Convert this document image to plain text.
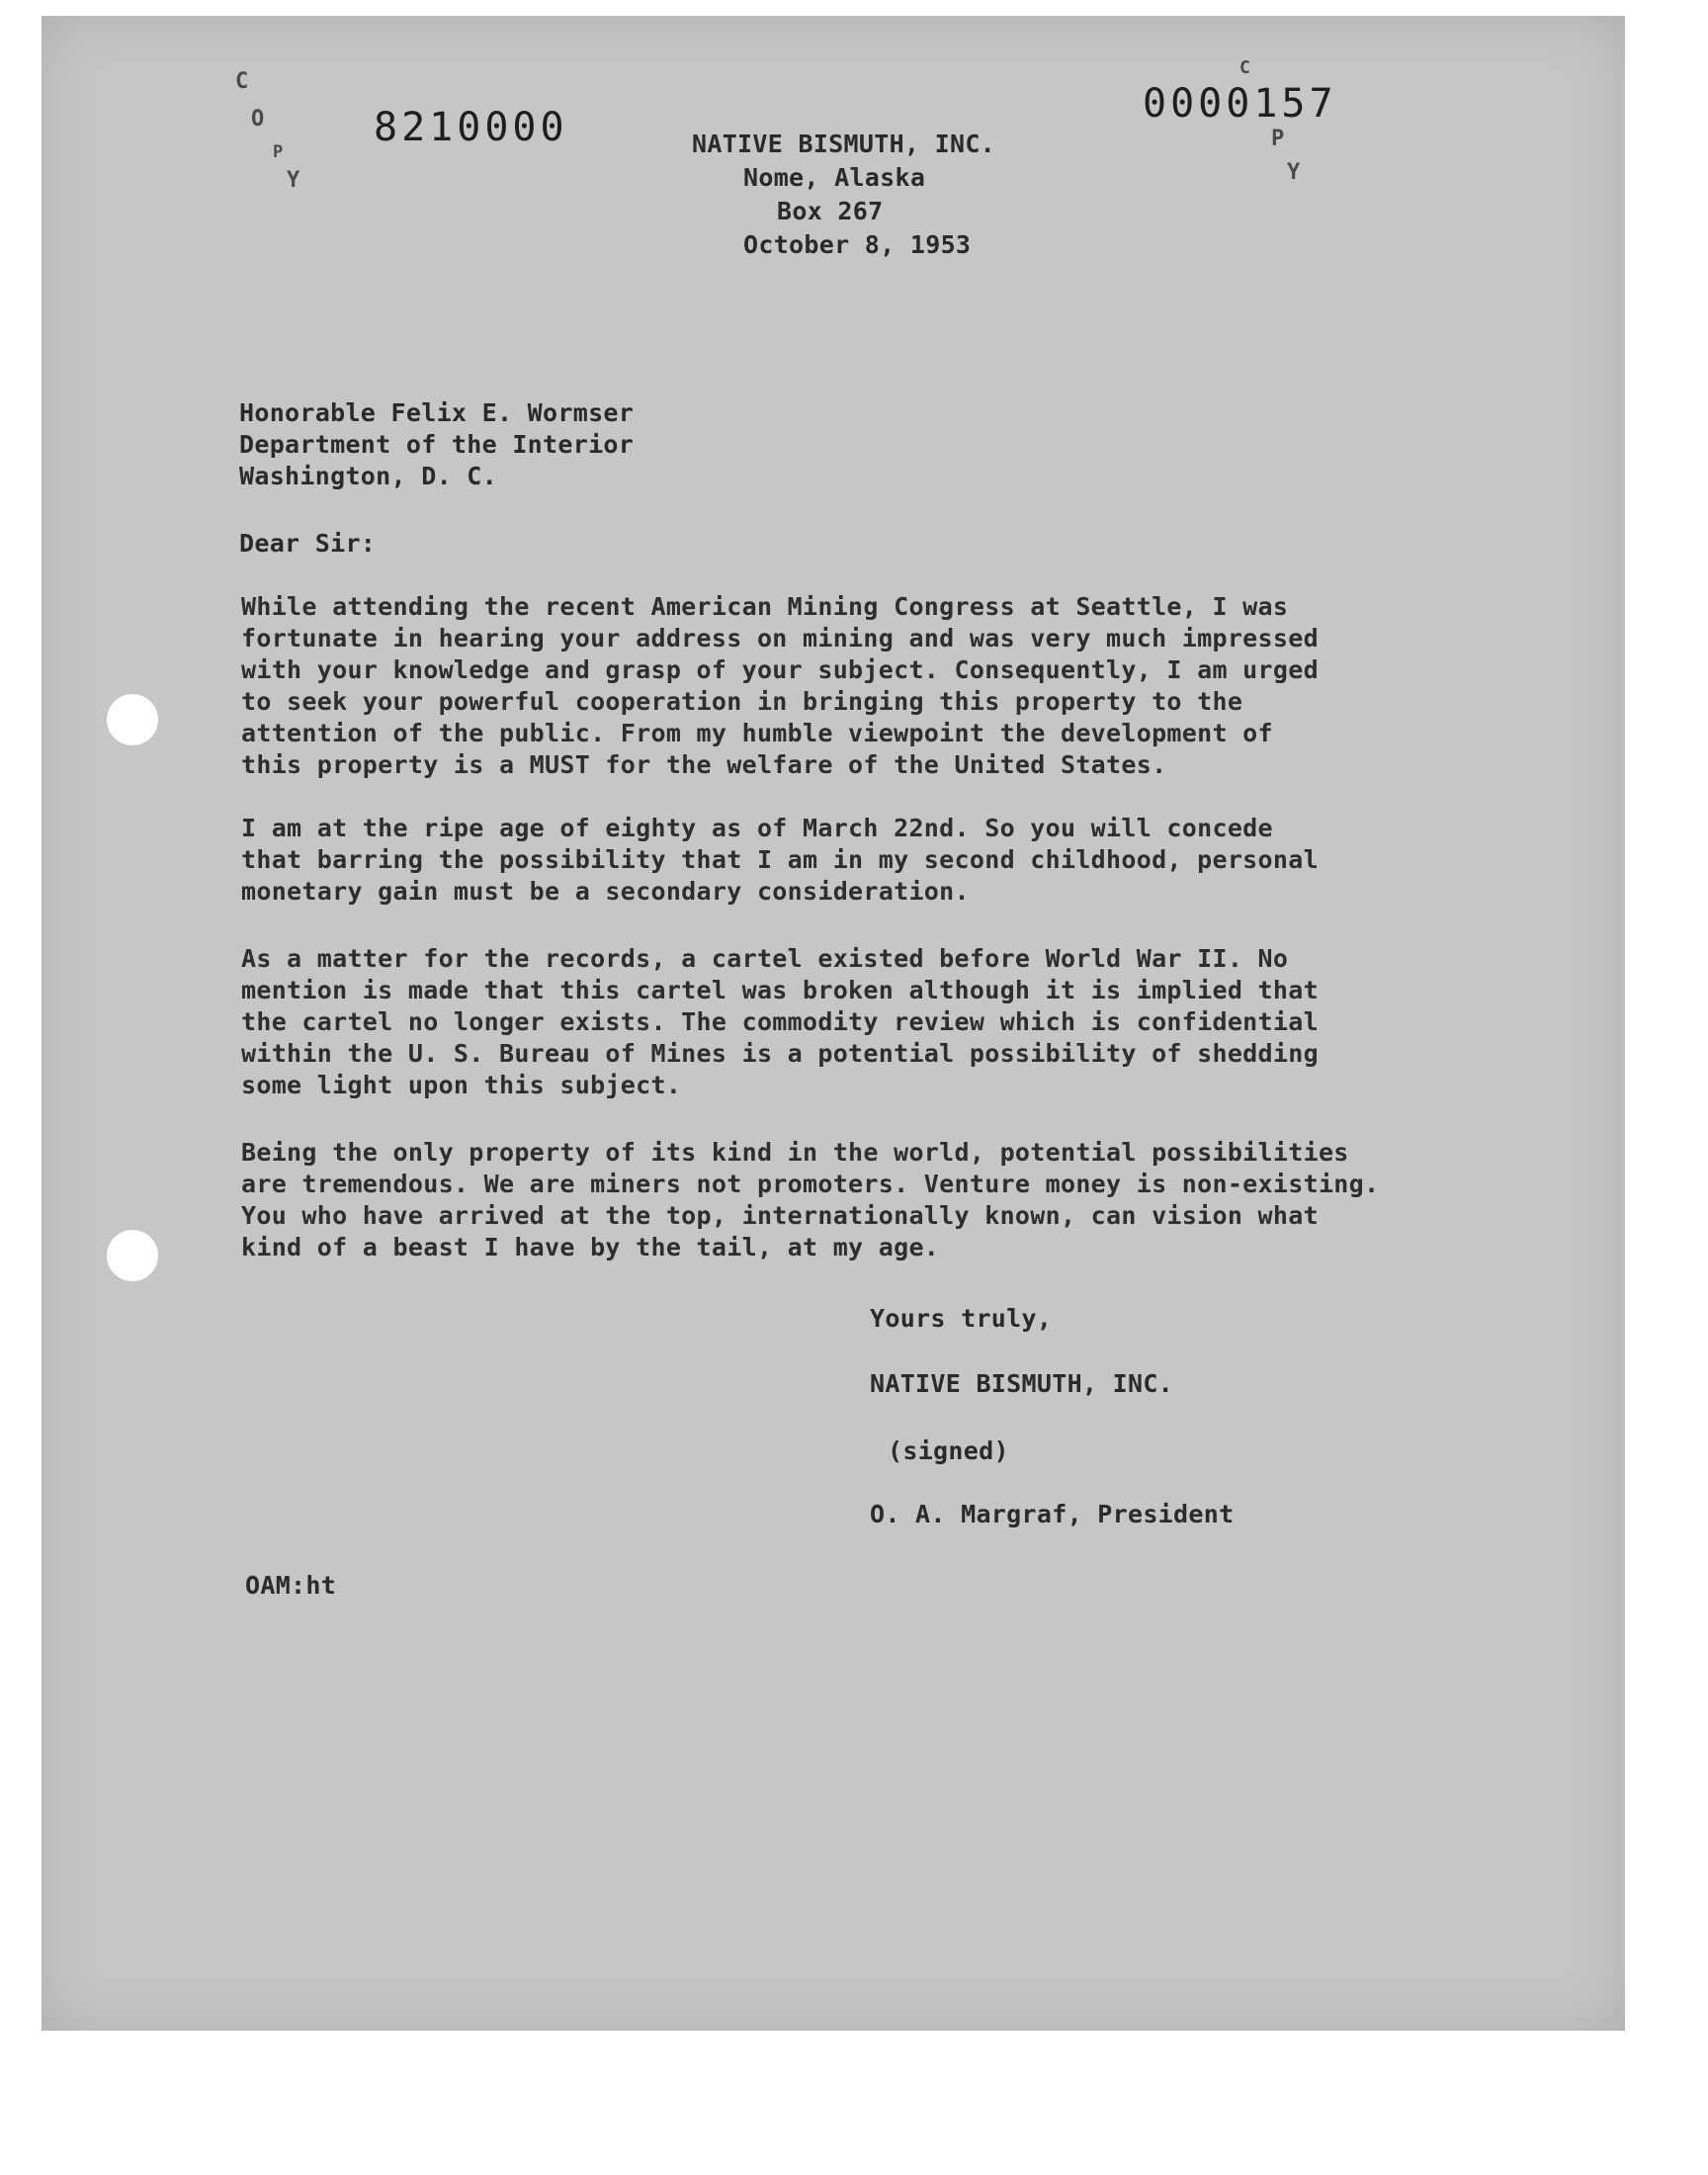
C
O
P
Y
8210000
0000157
C
P
Y
NATIVE BISMUTH, INC.
Nome, Alaska
Box 267
October 8, 1953
Honorable Felix E. Wormser
Department of the Interior
Washington, D. C.
Dear Sir:
While attending the recent American Mining Congress at Seattle, I was
fortunate in hearing your address on mining and was very much impressed
with your knowledge and grasp of your subject. Consequently, I am urged
to seek your powerful cooperation in bringing this property to the
attention of the public. From my humble viewpoint the development of
this property is a MUST for the welfare of the United States.
I am at the ripe age of eighty as of March 22nd. So you will concede
that barring the possibility that I am in my second childhood, personal
monetary gain must be a secondary consideration.
As a matter for the records, a cartel existed before World War II. No
mention is made that this cartel was broken although it is implied that
the cartel no longer exists. The commodity review which is confidential
within the U. S. Bureau of Mines is a potential possibility of shedding
some light upon this subject.
Being the only property of its kind in the world, potential possibilities
are tremendous. We are miners not promoters. Venture money is non-existing.
You who have arrived at the top, internationally known, can vision what
kind of a beast I have by the tail, at my age.
Yours truly,
NATIVE BISMUTH, INC.
(signed)
O. A. Margraf, President
OAM:ht
